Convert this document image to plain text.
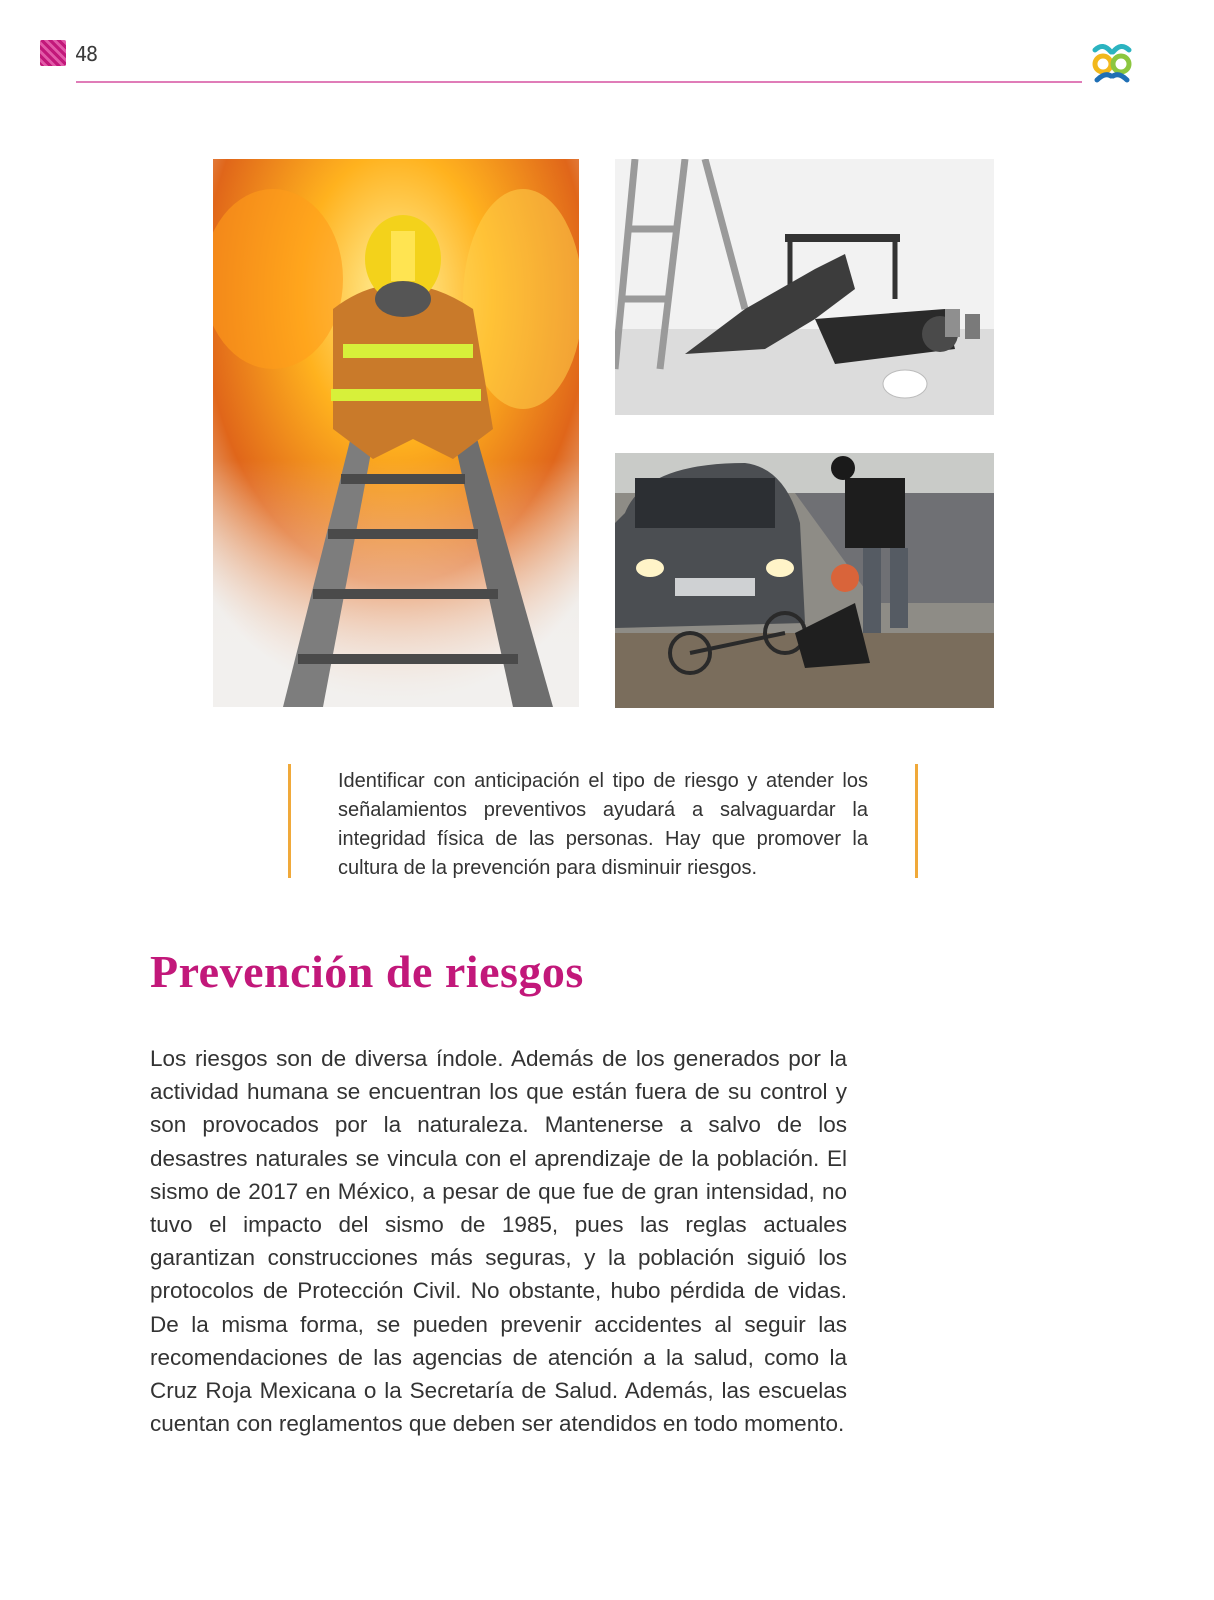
48

Identificar con anticipación el tipo de riesgo y atender los señalamientos preventivos ayudará a salvaguardar la integridad física de las personas. Hay que promover la cultura de la prevención para disminuir riesgos.

Prevención de riesgos

Los riesgos son de diversa índole. Además de los generados por la actividad humana se encuentran los que están fuera de su control y son provocados por la naturaleza. Mantenerse a salvo de los desastres naturales se vincula con el aprendizaje de la población. El sismo de 2017 en México, a pesar de que fue de gran intensidad, no tuvo el impacto del sismo de 1985, pues las reglas actuales garantizan construcciones más seguras, y la población siguió los protocolos de Protección Civil. No obstante, hubo pérdida de vidas. De la misma forma, se pueden prevenir accidentes al seguir las recomendaciones de las agencias de atención a la salud, como la Cruz Roja Mexicana o la Secretaría de Salud. Además, las escuelas cuentan con reglamentos que deben ser atendidos en todo momento.
